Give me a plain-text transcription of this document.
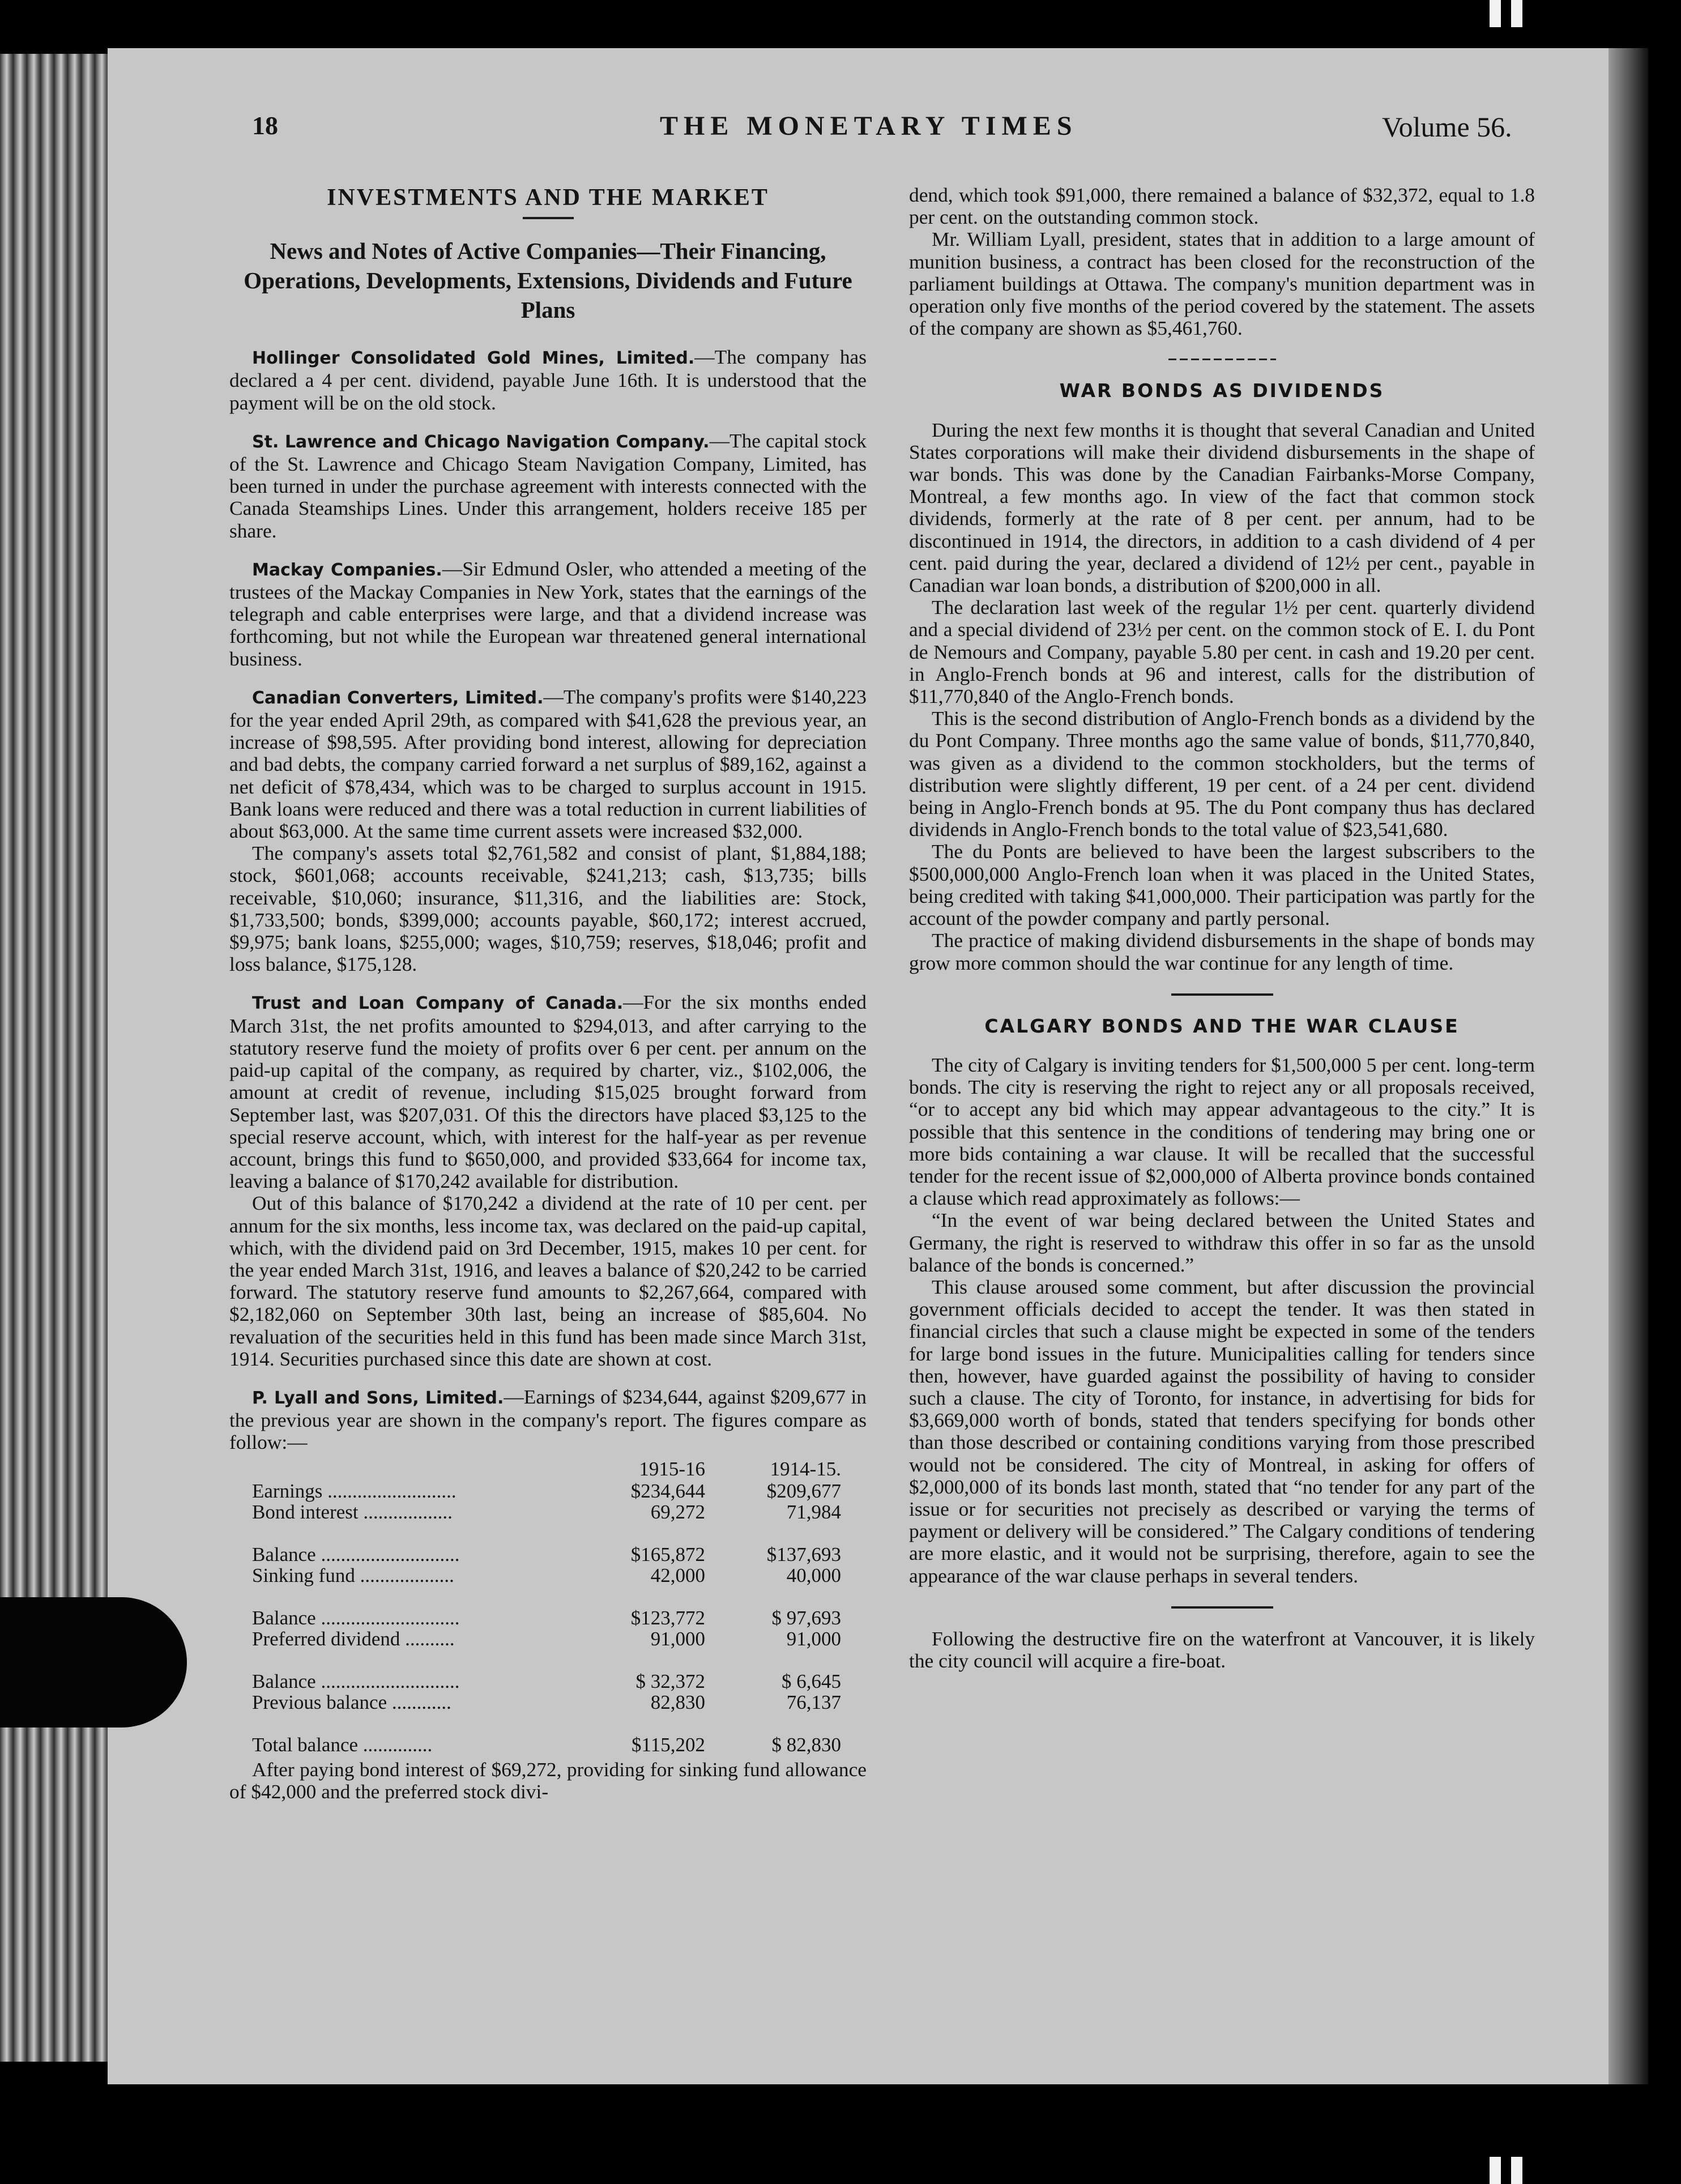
18	THE MONETARY TIMES	Volume 56.
INVESTMENTS AND THE MARKET
News and Notes of Active Companies—Their Financing, Operations, Developments, Extensions, Dividends and Future Plans

Hollinger Consolidated Gold Mines, Limited.—The company has declared a 4 per cent. dividend, payable June 16th. It is understood that the payment will be on the old stock.

St. Lawrence and Chicago Navigation Company.—The capital stock of the St. Lawrence and Chicago Steam Navigation Company, Limited, has been turned in under the purchase agreement with interests connected with the Canada Steamships Lines. Under this arrangement, holders receive 185 per share.

Mackay Companies.—Sir Edmund Osler, who attended a meeting of the trustees of the Mackay Companies in New York, states that the earnings of the telegraph and cable enterprises were large, and that a dividend increase was forthcoming, but not while the European war threatened general international business.

Canadian Converters, Limited.—The company's profits were $140,223 for the year ended April 29th, as compared with $41,628 the previous year, an increase of $98,595. After providing bond interest, allowing for depreciation and bad debts, the company carried forward a net surplus of $89,162, against a net deficit of $78,434, which was to be charged to surplus account in 1915. Bank loans were reduced and there was a total reduction in current liabilities of about $63,000. At the same time current assets were increased $32,000.

The company's assets total $2,761,582 and consist of plant, $1,884,188; stock, $601,068; accounts receivable, $241,213; cash, $13,735; bills receivable, $10,060; insurance, $11,316, and the liabilities are: Stock, $1,733,500; bonds, $399,000; accounts payable, $60,172; interest accrued, $9,975; bank loans, $255,000; wages, $10,759; reserves, $18,046; profit and loss balance, $175,128.

Trust and Loan Company of Canada.—For the six months ended March 31st, the net profits amounted to $294,013, and after carrying to the statutory reserve fund the moiety of profits over 6 per cent. per annum on the paid-up capital of the company, as required by charter, viz., $102,006, the amount at credit of revenue, including $15,025 brought forward from September last, was $207,031. Of this the directors have placed $3,125 to the special reserve account, which, with interest for the half-year as per revenue account, brings this fund to $650,000, and provided $33,664 for income tax, leaving a balance of $170,242 available for distribution.

Out of this balance of $170,242 a dividend at the rate of 10 per cent. per annum for the six months, less income tax, was declared on the paid-up capital, which, with the dividend paid on 3rd December, 1915, makes 10 per cent. for the year ended March 31st, 1916, and leaves a balance of $20,242 to be carried forward. The statutory reserve fund amounts to $2,267,664, compared with $2,182,060 on September 30th last, being an increase of $85,604. No revaluation of the securities held in this fund has been made since March 31st, 1914. Securities purchased since this date are shown at cost.

P. Lyall and Sons, Limited.—Earnings of $234,644, against $209,677 in the previous year are shown in the company's report. The figures compare as follow:—

	1915-16	1914-15.
Earnings ..........................	$234,644	$209,677
Bond interest ..................	69,272	71,984
Balance ............................	$165,872	$137,693
Sinking fund ...................	42,000	40,000
Balance ............................	$123,772	$ 97,693
Preferred dividend ..........	91,000	91,000
Balance ............................	$ 32,372	$ 6,645
Previous balance ............	82,830	76,137
Total balance ..............	$115,202	$ 82,830

After paying bond interest of $69,272, providing for sinking fund allowance of $42,000 and the preferred stock divi-

dend, which took $91,000, there remained a balance of $32,372, equal to 1.8 per cent. on the outstanding common stock.

Mr. William Lyall, president, states that in addition to a large amount of munition business, a contract has been closed for the reconstruction of the parliament buildings at Ottawa. The company's munition department was in operation only five months of the period covered by the statement. The assets of the company are shown as $5,461,760.

WAR BONDS AS DIVIDENDS

During the next few months it is thought that several Canadian and United States corporations will make their dividend disbursements in the shape of war bonds. This was done by the Canadian Fairbanks-Morse Company, Montreal, a few months ago. In view of the fact that common stock dividends, formerly at the rate of 8 per cent. per annum, had to be discontinued in 1914, the directors, in addition to a cash dividend of 4 per cent. paid during the year, declared a dividend of 12½ per cent., payable in Canadian war loan bonds, a distribution of $200,000 in all.

The declaration last week of the regular 1½ per cent. quarterly dividend and a special dividend of 23½ per cent. on the common stock of E. I. du Pont de Nemours and Company, payable 5.80 per cent. in cash and 19.20 per cent. in Anglo-French bonds at 96 and interest, calls for the distribution of $11,770,840 of the Anglo-French bonds.

This is the second distribution of Anglo-French bonds as a dividend by the du Pont Company. Three months ago the same value of bonds, $11,770,840, was given as a dividend to the common stockholders, but the terms of distribution were slightly different, 19 per cent. of a 24 per cent. dividend being in Anglo-French bonds at 95. The du Pont company thus has declared dividends in Anglo-French bonds to the total value of $23,541,680.

The du Ponts are believed to have been the largest subscribers to the $500,000,000 Anglo-French loan when it was placed in the United States, being credited with taking $41,000,000. Their participation was partly for the account of the powder company and partly personal.

The practice of making dividend disbursements in the shape of bonds may grow more common should the war continue for any length of time.

CALGARY BONDS AND THE WAR CLAUSE

The city of Calgary is inviting tenders for $1,500,000 5 per cent. long-term bonds. The city is reserving the right to reject any or all proposals received, “or to accept any bid which may appear advantageous to the city.” It is possible that this sentence in the conditions of tendering may bring one or more bids containing a war clause. It will be recalled that the successful tender for the recent issue of $2,000,000 of Alberta province bonds contained a clause which read approximately as follows:—

“In the event of war being declared between the United States and Germany, the right is reserved to withdraw this offer in so far as the unsold balance of the bonds is concerned.”

This clause aroused some comment, but after discussion the provincial government officials decided to accept the tender. It was then stated in financial circles that such a clause might be expected in some of the tenders for large bond issues in the future. Municipalities calling for tenders since then, however, have guarded against the possibility of having to consider such a clause. The city of Toronto, for instance, in advertising for bids for $3,669,000 worth of bonds, stated that tenders specifying for bonds other than those described or containing conditions varying from those prescribed would not be considered. The city of Montreal, in asking for offers of $2,000,000 of its bonds last month, stated that “no tender for any part of the issue or for securities not precisely as described or varying the terms of payment or delivery will be considered.” The Calgary conditions of tendering are more elastic, and it would not be surprising, therefore, again to see the appearance of the war clause perhaps in several tenders.

Following the destructive fire on the waterfront at Vancouver, it is likely the city council will acquire a fire-boat.
